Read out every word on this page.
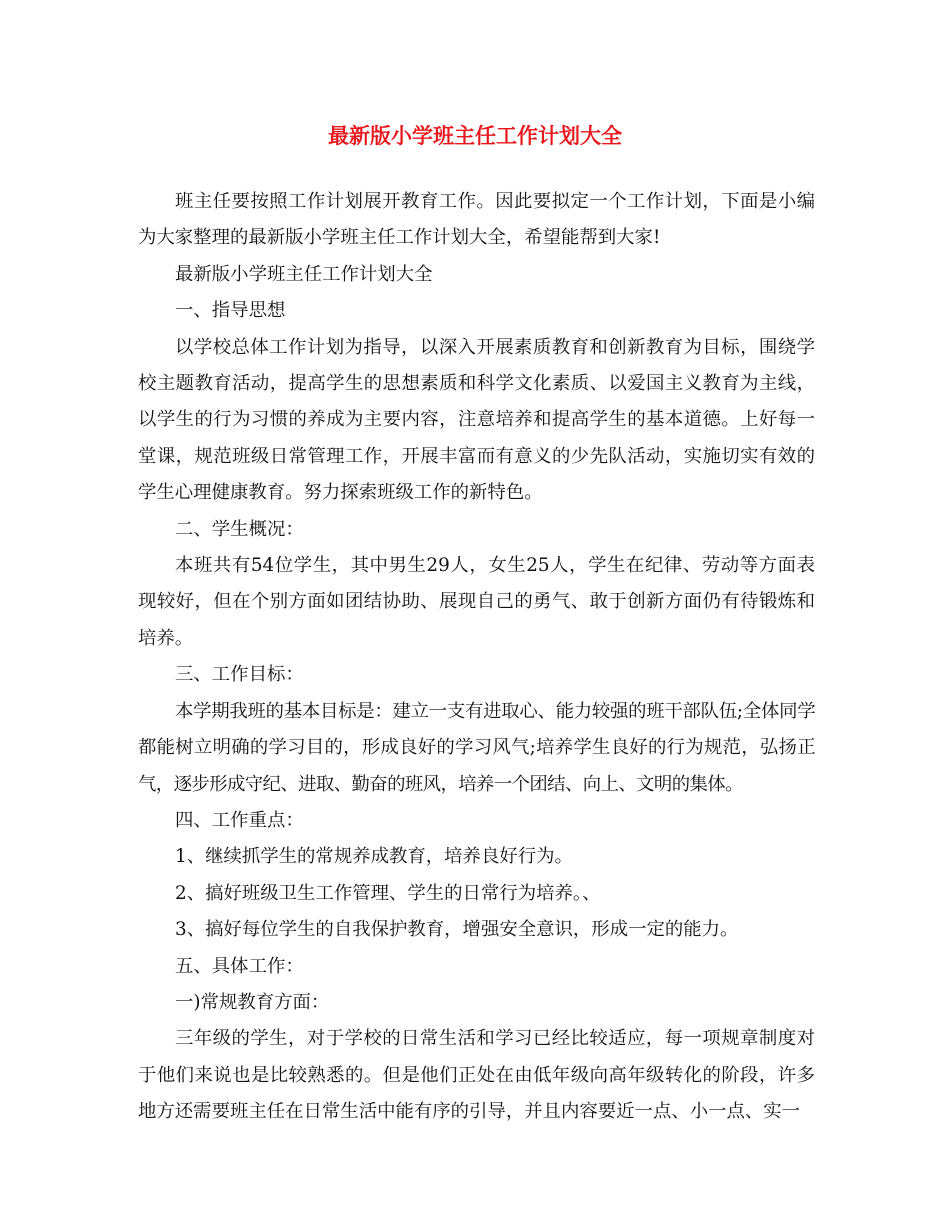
最新版小学班主任工作计划大全

班主任要按照工作计划展开教育工作。因此要拟定一个工作计划，下面是小编为大家整理的最新版小学班主任工作计划大全，希望能帮到大家!

最新版小学班主任工作计划大全

一、指导思想

以学校总体工作计划为指导，以深入开展素质教育和创新教育为目标，围绕学校主题教育活动，提高学生的思想素质和科学文化素质、以爱国主义教育为主线，以学生的行为习惯的养成为主要内容，注意培养和提高学生的基本道德。上好每一堂课，规范班级日常管理工作，开展丰富而有意义的少先队活动，实施切实有效的学生心理健康教育。努力探索班级工作的新特色。

二、学生概况：

本班共有54位学生，其中男生29人，女生25人，学生在纪律、劳动等方面表现较好，但在个别方面如团结协助、展现自己的勇气、敢于创新方面仍有待锻炼和培养。

三、工作目标：

本学期我班的基本目标是：建立一支有进取心、能力较强的班干部队伍;全体同学都能树立明确的学习目的，形成良好的学习风气;培养学生良好的行为规范，弘扬正气，逐步形成守纪、进取、勤奋的班风，培养一个团结、向上、文明的集体。

四、工作重点：

1、继续抓学生的常规养成教育，培养良好行为。

2、搞好班级卫生工作管理、学生的日常行为培养。、

3、搞好每位学生的自我保护教育，增强安全意识，形成一定的能力。

五、具体工作：

一)常规教育方面：

三年级的学生，对于学校的日常生活和学习已经比较适应，每一项规章制度对于他们来说也是比较熟悉的。但是他们正处在由低年级向高年级转化的阶段，许多地方还需要班主任在日常生活中能有序的引导，并且内容要近一点、小一点、实一
